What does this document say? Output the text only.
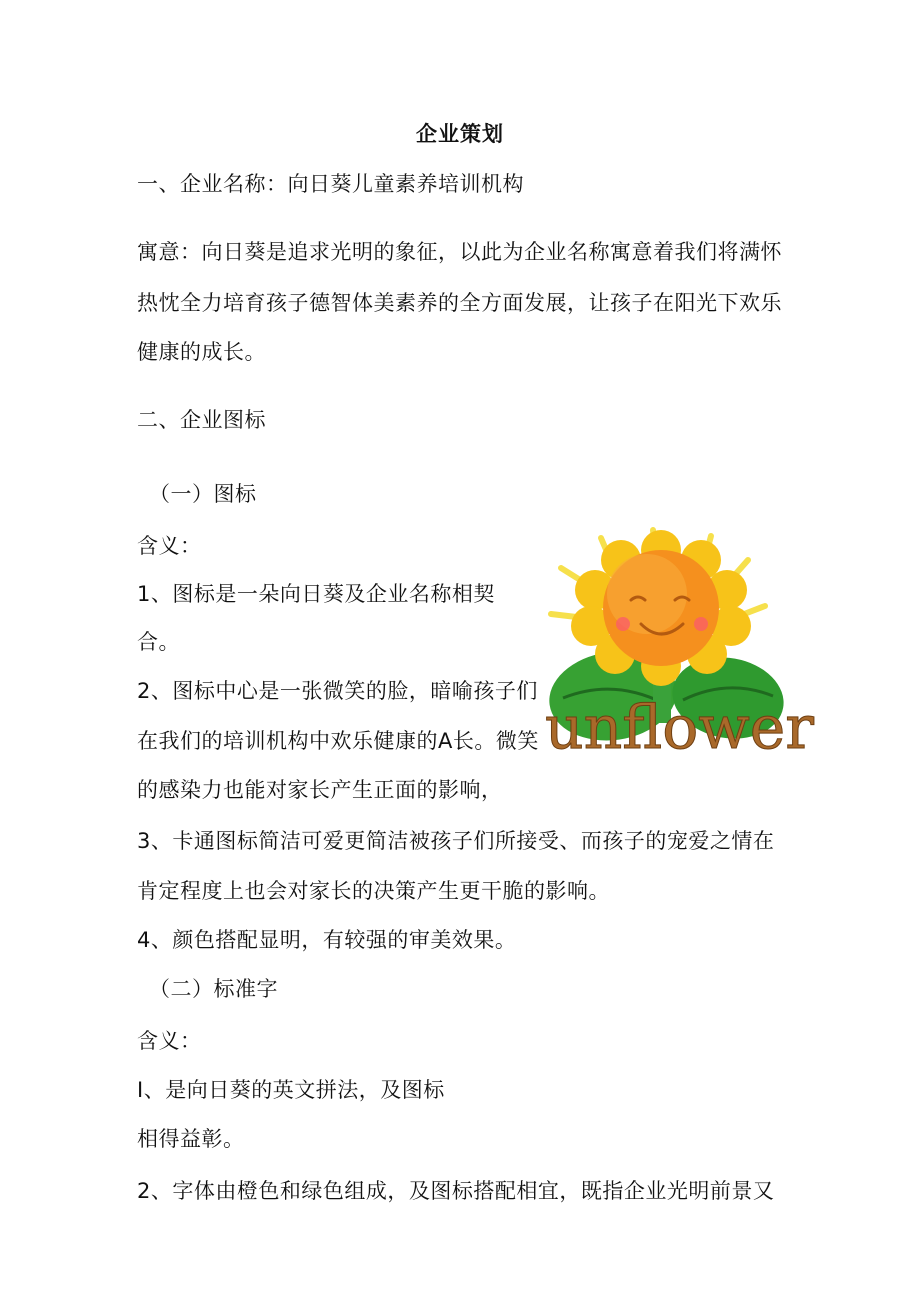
企业策划
一、企业名称：向日葵儿童素养培训机构
寓意：向日葵是追求光明的象征，以此为企业名称寓意着我们将满怀
热忱全力培育孩子德智体美素养的全方面发展，让孩子在阳光下欢乐
健康的成长。
二、企业图标
（一）图标
含义：
1、图标是一朵向日葵及企业名称相契
合。
2、图标中心是一张微笑的脸，暗喻孩子们
在我们的培训机构中欢乐健康的A长。微笑
的感染力也能对家长产生正面的影响，
3、卡通图标简洁可爱更简洁被孩子们所接受、而孩子的宠爱之情在
肯定程度上也会对家长的决策产生更干脆的影响。
4、颜色搭配显明，有较强的审美效果。
（二）标准字
含义：
I、是向日葵的英文拼法，及图标
相得益彰。
2、字体由橙色和绿色组成，及图标搭配相宜，既指企业光明前景又
unflower
